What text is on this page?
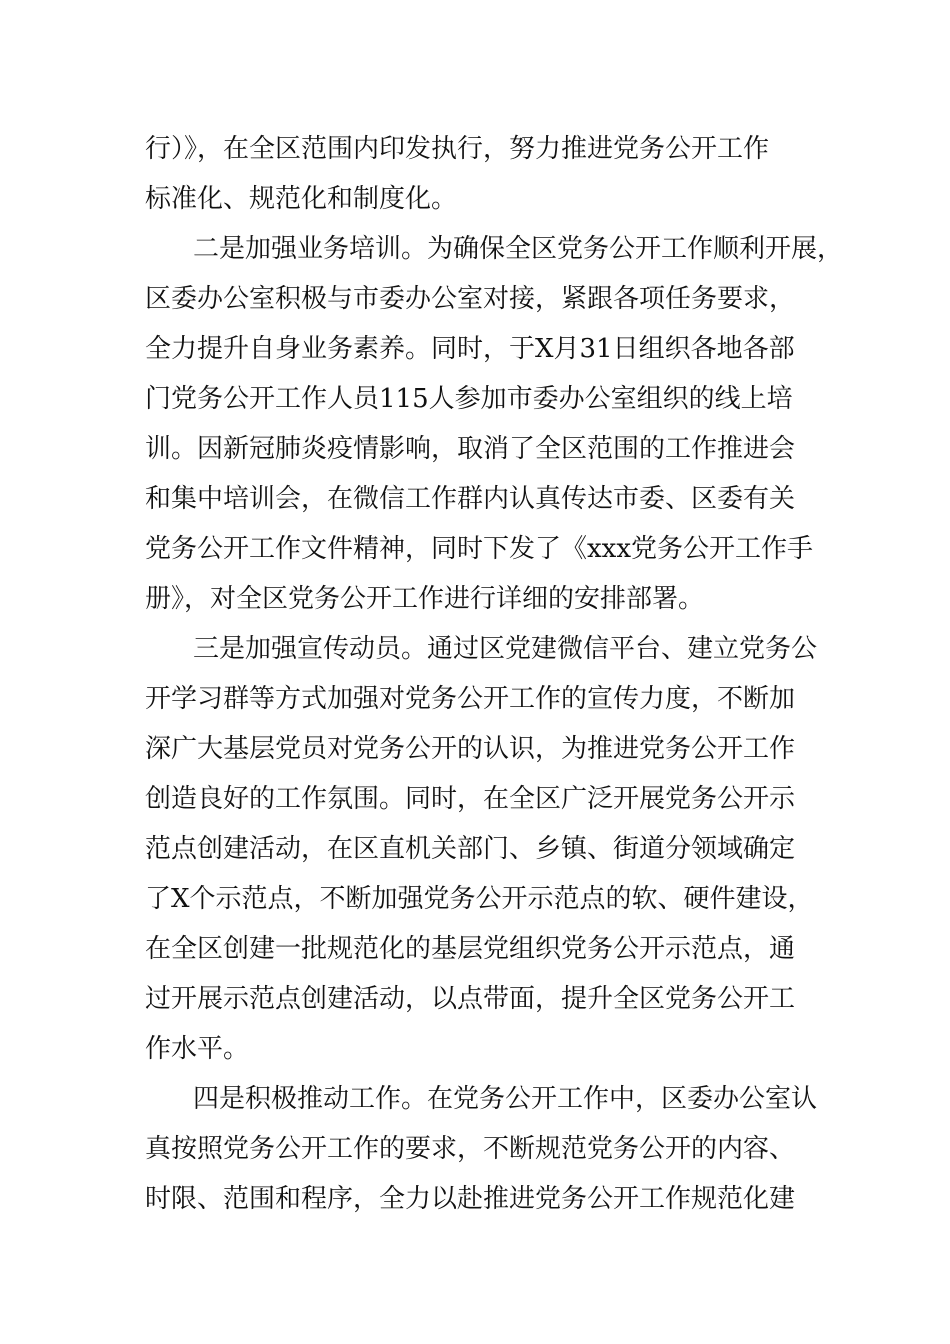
行）》，在全区范围内印发执行，努力推进党务公开工作
标准化、规范化和制度化。
二是加强业务培训。为确保全区党务公开工作顺利开展，
区委办公室积极与市委办公室对接，紧跟各项任务要求，
全力提升自身业务素养。同时，于X月31日组织各地各部
门党务公开工作人员115人参加市委办公室组织的线上培
训。因新冠肺炎疫情影响，取消了全区范围的工作推进会
和集中培训会，在微信工作群内认真传达市委、区委有关
党务公开工作文件精神，同时下发了《xxx党务公开工作手
册》，对全区党务公开工作进行详细的安排部署。
三是加强宣传动员。通过区党建微信平台、建立党务公
开学习群等方式加强对党务公开工作的宣传力度，不断加
深广大基层党员对党务公开的认识，为推进党务公开工作
创造良好的工作氛围。同时，在全区广泛开展党务公开示
范点创建活动，在区直机关部门、乡镇、街道分领域确定
了X个示范点，不断加强党务公开示范点的软、硬件建设，
在全区创建一批规范化的基层党组织党务公开示范点，通
过开展示范点创建活动，以点带面，提升全区党务公开工
作水平。
四是积极推动工作。在党务公开工作中，区委办公室认
真按照党务公开工作的要求，不断规范党务公开的内容、
时限、范围和程序，全力以赴推进党务公开工作规范化建
